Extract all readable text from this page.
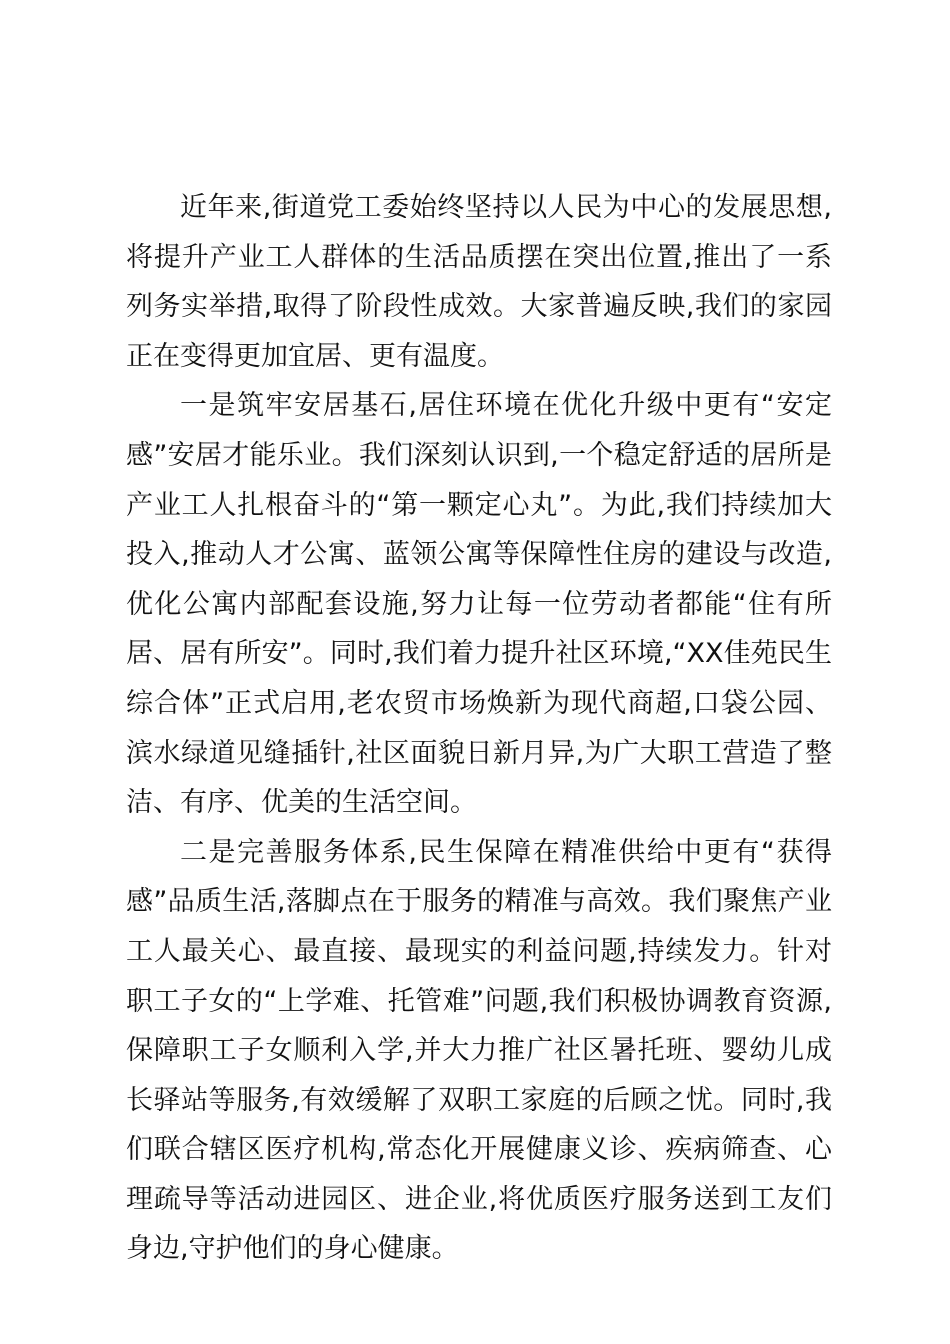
近年来,街道党工委始终坚持以人民为中心的发展思想,将提升产业工人群体的生活品质摆在突出位置,推出了一系列务实举措,取得了阶段性成效。大家普遍反映,我们的家园正在变得更加宜居、更有温度。

一是筑牢安居基石,居住环境在优化升级中更有“安定感”安居才能乐业。我们深刻认识到,一个稳定舒适的居所是产业工人扎根奋斗的“第一颗定心丸”。为此,我们持续加大投入,推动人才公寓、蓝领公寓等保障性住房的建设与改造,优化公寓内部配套设施,努力让每一位劳动者都能“住有所居、居有所安”。同时,我们着力提升社区环境,“XX佳苑民生综合体”正式启用,老农贸市场焕新为现代商超,口袋公园、滨水绿道见缝插针,社区面貌日新月异,为广大职工营造了整洁、有序、优美的生活空间。

二是完善服务体系,民生保障在精准供给中更有“获得感”品质生活,落脚点在于服务的精准与高效。我们聚焦产业工人最关心、最直接、最现实的利益问题,持续发力。针对职工子女的“上学难、托管难”问题,我们积极协调教育资源,保障职工子女顺利入学,并大力推广社区暑托班、婴幼儿成长驿站等服务,有效缓解了双职工家庭的后顾之忧。同时,我们联合辖区医疗机构,常态化开展健康义诊、疾病筛查、心理疏导等活动进园区、进企业,将优质医疗服务送到工友们身边,守护他们的身心健康。
